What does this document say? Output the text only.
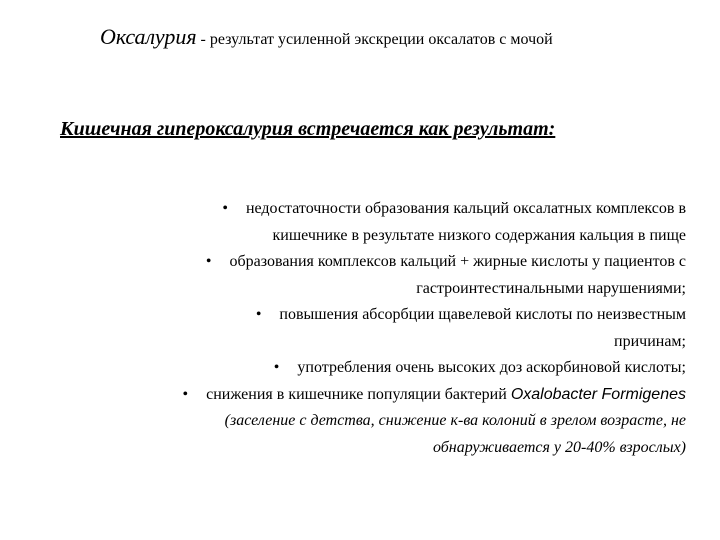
Оксалурия - результат усиленной экскреции оксалатов с мочой
Кишечная гипероксалурия встречается как результат:
• недостаточности образования кальций оксалатных комплексов в
кишечнике в результате низкого содержания кальция в пище
• образования комплексов кальций + жирные кислоты у пациентов с
гастроинтестинальными нарушениями;
• повышения абсорбции щавелевой кислоты по неизвестным
причинам;
• употребления очень высоких доз аскорбиновой кислоты;
• снижения в кишечнике популяции бактерий Oxalobacter Formigenes
(заселение с детства, снижение к-ва колоний в зрелом возрасте, не
обнаруживается у 20-40% взрослых)
